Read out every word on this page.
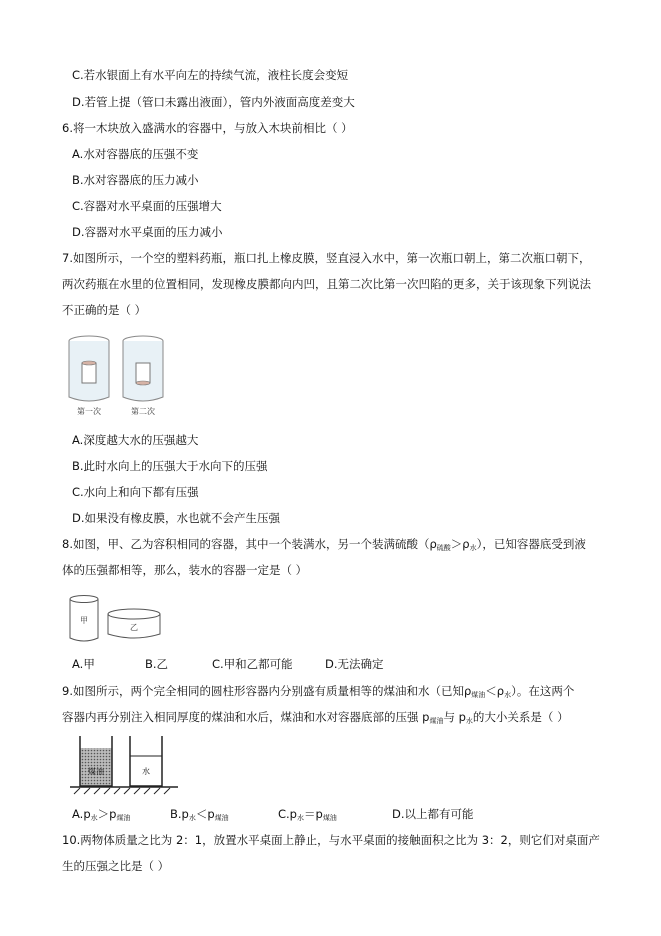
C.若水银面上有水平向左的持续气流，液柱长度会变短
D.若管上提（管口未露出液面），管内外液面高度差变大
6.将一木块放入盛满水的容器中，与放入木块前相比（ ）
A.水对容器底的压强不变
B.水对容器底的压力减小
C.容器对水平桌面的压强增大
D.容器对水平桌面的压力减小
7.如图所示，一个空的塑料药瓶，瓶口扎上橡皮膜，竖直浸入水中，第一次瓶口朝上，第二次瓶口朝下，
两次药瓶在水里的位置相同，发现橡皮膜都向内凹，且第二次比第一次凹陷的更多，关于该现象下列说法
不正确的是（ ）
第一次	第二次
A.深度越大水的压强越大
B.此时水向上的压强大于水向下的压强
C.水向上和向下都有压强
D.如果没有橡皮膜，水也就不会产生压强
8.如图，甲、乙为容积相同的容器，其中一个装满水，另一个装满硫酸$(\rho_{硫酸}>\rho_水)$，已知容器底受到液
体的压强都相等，那么，装水的容器一定是（ ）
甲
乙
A.甲	B.乙	C.甲和乙都可能	D.无法确定
9.如图所示，两个完全相同的圆柱形容器内分别盛有质量相等的煤油和水（已知$\rho_{煤油}<\rho_水$）。在这两个
容器内再分别注入相同厚度的煤油和水后，煤油和水对容器底部的压强 $p_{煤油}$与 $p_水$的大小关系是（ ）
煤油	水
$A.p_水>p_{煤油}$	$B.p_水<p_{煤油}$	$C.p_水=p_{煤油}$	D.以上都有可能
10.两物体质量之比为 2：1，放置水平桌面上静止，与水平桌面的接触面积之比为 3：2，则它们对桌面产
生的压强之比是（ ）
